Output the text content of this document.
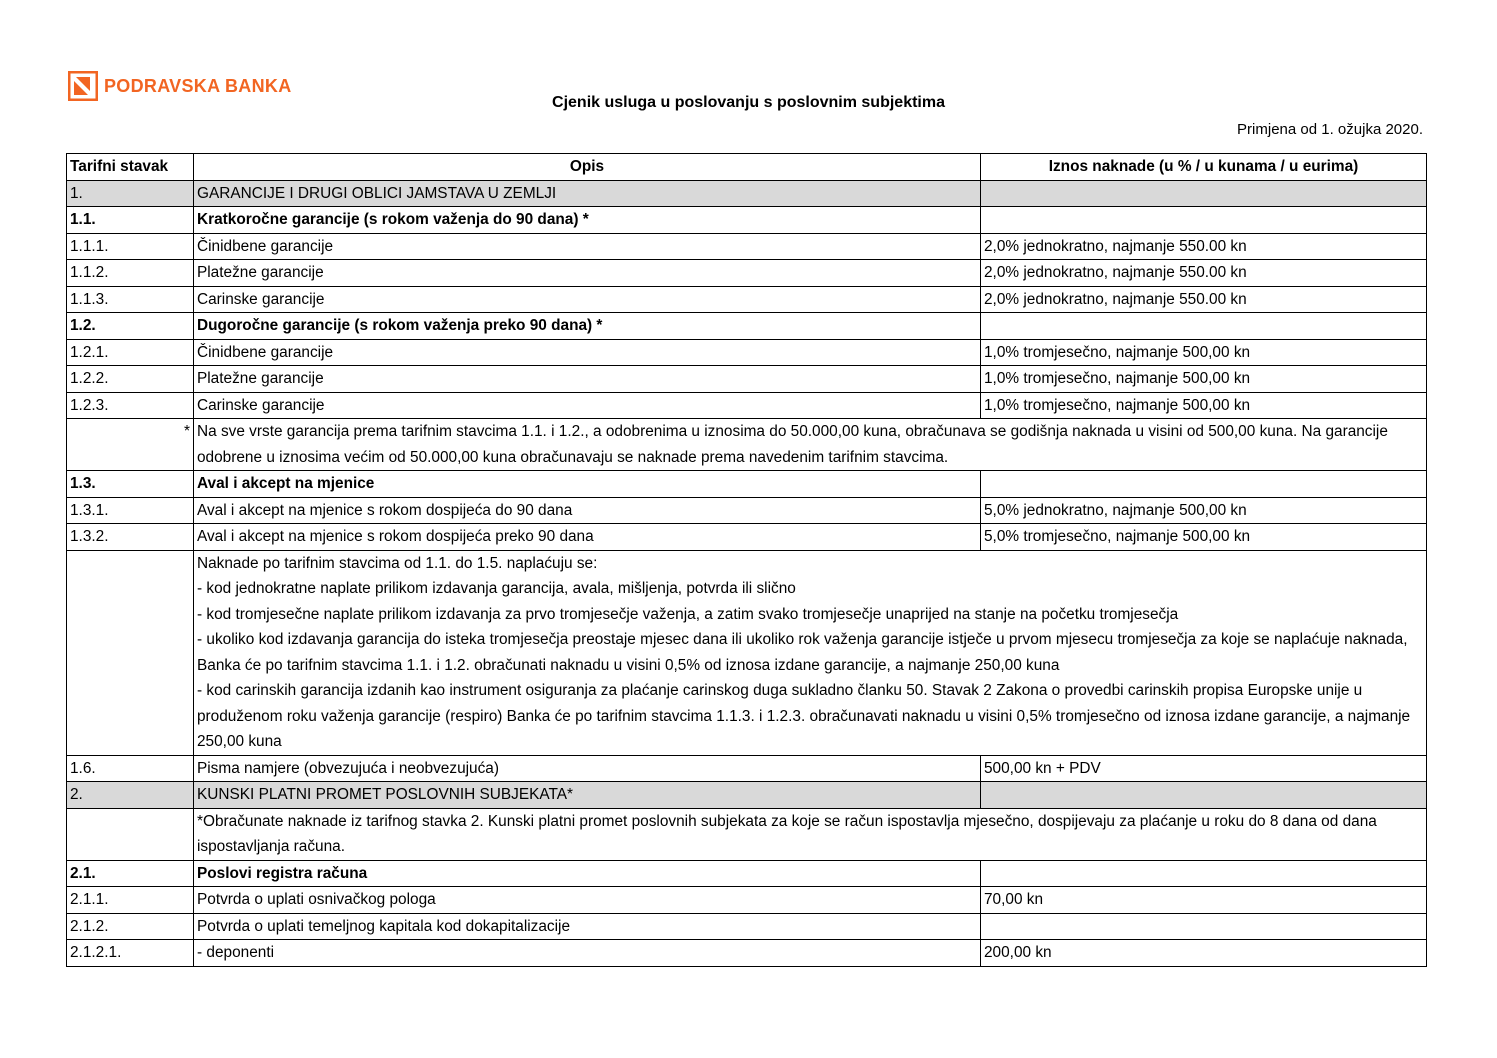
PODRAVSKA BANKA
Cjenik usluga u poslovanju s poslovnim subjektima
Primjena od 1. ožujka 2020.
Tarifni stavak	Opis	Iznos naknade (u % / u kunama / u eurima)
1.	GARANCIJE I DRUGI OBLICI JAMSTAVA U ZEMLJI	
1.1.	Kratkoročne garancije (s rokom važenja do 90 dana) *	
1.1.1.	Činidbene garancije	2,0% jednokratno, najmanje 550.00 kn
1.1.2.	Platežne garancije	2,0% jednokratno, najmanje 550.00 kn
1.1.3.	Carinske garancije	2,0% jednokratno, najmanje 550.00 kn
1.2.	Dugoročne garancije (s rokom važenja preko 90 dana) *	
1.2.1.	Činidbene garancije	1,0% tromjesečno, najmanje 500,00 kn
1.2.2.	Platežne garancije	1,0% tromjesečno, najmanje 500,00 kn
1.2.3.	Carinske garancije	1,0% tromjesečno, najmanje 500,00 kn
*	Na sve vrste garancija prema tarifnim stavcima 1.1. i 1.2., a odobrenima u iznosima do 50.000,00 kuna, obračunava se godišnja naknada u visini od 500,00 kuna. Na garancije odobrene u iznosima većim od 50.000,00 kuna obračunavaju se naknade prema navedenim tarifnim stavcima.	
1.3.	Aval i akcept na mjenice	
1.3.1.	Aval i akcept na mjenice s rokom dospijeća do 90 dana	5,0% jednokratno, najmanje 500,00 kn
1.3.2.	Aval i akcept na mjenice s rokom dospijeća preko 90 dana	5,0% tromjesečno, najmanje 500,00 kn

	Naknade po tarifnim stavcima od 1.1. do 1.5. naplaćuju se:
- kod jednokratne naplate prilikom izdavanja garancija, avala, mišljenja, potvrda ili slično
- kod tromjesečne naplate prilikom izdavanja za prvo tromjesečje važenja, a zatim svako tromjesečje unaprijed na stanje na početku tromjesečja
- ukoliko kod izdavanja garancija do isteka tromjesečja preostaje mjesec dana ili ukoliko rok važenja garancije istječe u prvom mjesecu tromjesečja za koje se naplaćuje naknada, Banka će po tarifnim stavcima 1.1. i 1.2. obračunati naknadu u visini 0,5% od iznosa izdane garancije, a najmanje 250,00 kuna
- kod carinskih garancija izdanih kao instrument osiguranja za plaćanje carinskog duga sukladno članku 50. Stavak 2 Zakona o provedbi carinskih propisa Europske unije u produženom roku važenja garancije (respiro) Banka će po tarifnim stavcima 1.1.3. i 1.2.3. obračunavati naknadu u visini 0,5% tromjesečno od iznosa izdane garancije, a najmanje 250,00 kuna	

1.6.	Pisma namjere (obvezujuća i neobvezujuća)	500,00 kn + PDV
2.	KUNSKI PLATNI PROMET POSLOVNIH SUBJEKATA*	
	*Obračunate naknade iz tarifnog stavka 2. Kunski platni promet poslovnih subjekata za koje se račun ispostavlja mjesečno, dospijevaju za plaćanje u roku do 8 dana od dana ispostavljanja računa.	
2.1.	Poslovi registra računa	
2.1.1.	Potvrda o uplati osnivačkog pologa	70,00 kn
2.1.2.	Potvrda o uplati temeljnog kapitala kod dokapitalizacije	
2.1.2.1.	- deponenti	200,00 kn
